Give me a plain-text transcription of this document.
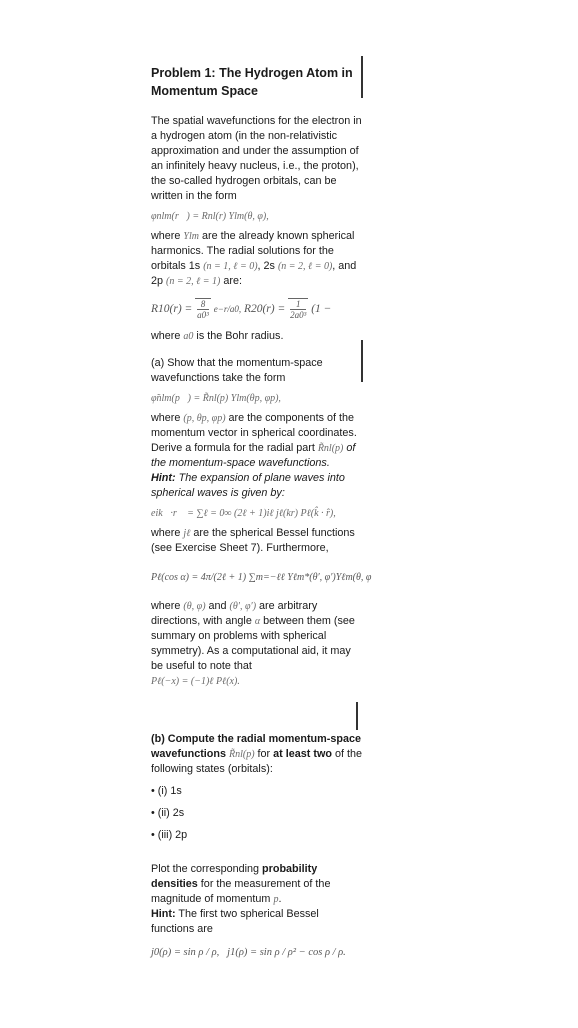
Problem 1: The Hydrogen Atom in Momentum Space

The spatial wavefunctions for the electron in a hydrogen atom (in the non-relativistic approximation and under the assumption of an infinitely heavy nucleus, i.e., the proton), the so-called hydrogen orbitals, can be written in the form

φnlm(r⃗) = Rnl(r) Ylm(θ, φ),

where Ylm are the already known spherical harmonics. The radial solutions for the orbitals 1s (n = 1, ℓ = 0), 2s (n = 2, ℓ = 0), and 2p (n = 2, ℓ = 1) are:

$R10(r) = \frac{8}{\text{a0³}} e-r/a0$, $R20(r) = \frac{1}{\text{2a0³}} (1$ −

where a0 is the Bohr radius.

(a) Show that the momentum-space wavefunctions take the form

φ̃nlm(p⃗) = R̃nl(p) Ylm(θp, φp),

where (p, θp, φp) are the components of the momentum vector in spherical coordinates. Derive a formula for the radial part R̃nl(p) of the momentum-space wavefunctions.

Hint: The expansion of plane waves into spherical waves is given by:

eik⃗·r⃗ = ∑ℓ = 0∞ (2ℓ + 1)iℓ jℓ(kr) Pℓ(k̂ · r̂),

where jℓ are the spherical Bessel functions (see Exercise Sheet 7). Furthermore,

Pℓ(cos α) = 4π/(2ℓ + 1) ∑m=−ℓℓ Yℓm*(θ′, φ′)Yℓm(θ, φ

where (θ, φ) and (θ′, φ′) are arbitrary directions, with angle α between them (see summary on problems with spherical symmetry). As a computational aid, it may be useful to note that

Pℓ(−x) = (−1)ℓ Pℓ(x).

(b) Compute the radial momentum-space wavefunctions R̃nl(p) for at least two of the following states (orbitals):

• (i) 1s
• (ii) 2s
• (iii) 2p

Plot the corresponding probability densities for the measurement of the magnitude of momentum p.

Hint: The first two spherical Bessel functions are

j0(ρ) = sin ρ / ρ, j1(ρ) = sin ρ / ρ² − cos ρ / ρ.
